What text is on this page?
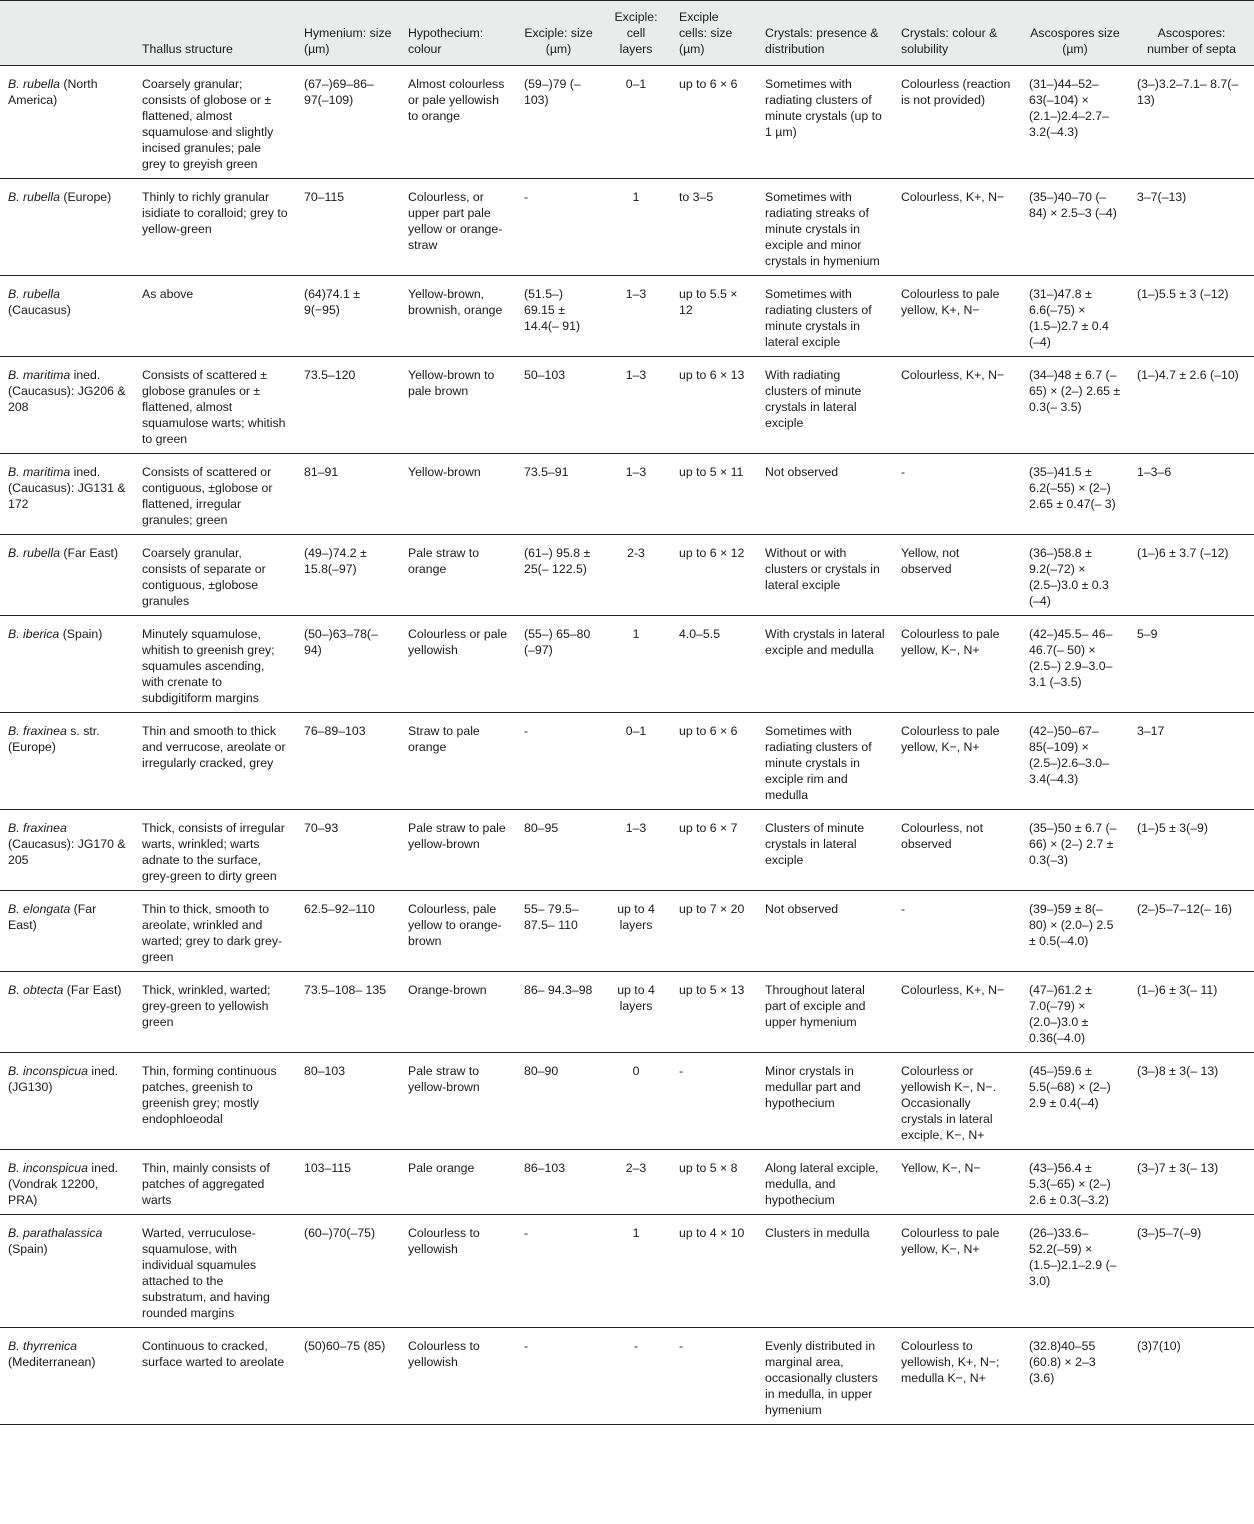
	Thallus structure	Hymenium: size (µm)	Hypothecium: colour	Exciple: size (µm)	Exciple: cell layers	Exciple cells: size (µm)	Crystals: presence & distribution	Crystals: colour & solubility	Ascospores size (µm)	Ascospores: number of septa
B. rubella (North America)	Coarsely granular; consists of globose or ± flattened, almost squamulose and slightly incised granules; pale grey to greyish green	(67–)69–86–97(–109)	Almost colourless or pale yellowish to orange	(59–)79 (–103)	0–1	up to 6 × 6	Sometimes with radiating clusters of minute crystals (up to 1 µm)	Colourless (reaction is not provided)	(31–)44–52–63(–104) × (2.1–)2.4–2.7–3.2(–4.3)	(3–)3.2–7.1– 8.7(–13)
B. rubella (Europe)	Thinly to richly granular isidiate to coralloid; grey to yellow-green	70–115	Colourless, or upper part pale yellow or orange-straw	-	1	to 3–5	Sometimes with radiating streaks of minute crystals in exciple and minor crystals in hymenium	Colourless, K+, N−	(35–)40–70 (–84) × 2.5–3 (–4)	3–7(–13)
B. rubella (Caucasus)	As above	(64)74.1 ± 9(−95)	Yellow-brown, brownish, orange	(51.5–) 69.15 ± 14.4(– 91)	1–3	up to 5.5 × 12	Sometimes with radiating clusters of minute crystals in lateral exciple	Colourless to pale yellow, K+, N−	(31–)47.8 ± 6.6(–75) × (1.5–)2.7 ± 0.4 (–4)	(1–)5.5 ± 3 (–12)
B. maritima ined. (Caucasus): JG206 & 208	Consists of scattered ± globose granules or ± flattened, almost squamulose warts; whitish to green	73.5–120	Yellow-brown to pale brown	50–103	1–3	up to 6 × 13	With radiating clusters of minute crystals in lateral exciple	Colourless, K+, N−	(34–)48 ± 6.7 (–65) × (2–) 2.65 ± 0.3(– 3.5)	(1–)4.7 ± 2.6 (–10)
B. maritima ined. (Caucasus): JG131 & 172	Consists of scattered or contiguous, ±globose or flattened, irregular granules; green	81–91	Yellow-brown	73.5–91	1–3	up to 5 × 11	Not observed	-	(35–)41.5 ± 6.2(–55) × (2–) 2.65 ± 0.47(– 3)	1–3–6
B. rubella (Far East)	Coarsely granular, consists of separate or contiguous, ±globose granules	(49–)74.2 ± 15.8(–97)	Pale straw to orange	(61–) 95.8 ± 25(– 122.5)	2-3	up to 6 × 12	Without or with clusters or crystals in lateral exciple	Yellow, not observed	(36–)58.8 ± 9.2(–72) × (2.5–)3.0 ± 0.3 (–4)	(1–)6 ± 3.7 (–12)
B. iberica (Spain)	Minutely squamulose, whitish to greenish grey; squamules ascending, with crenate to subdigitiform margins	(50–)63–78(– 94)	Colourless or pale yellowish	(55–) 65–80 (–97)	1	4.0–5.5	With crystals in lateral exciple and medulla	Colourless to pale yellow, K−, N+	(42–)45.5– 46–46.7(– 50) × (2.5–) 2.9–3.0–3.1 (–3.5)	5–9
B. fraxinea s. str. (Europe)	Thin and smooth to thick and verrucose, areolate or irregularly cracked, grey	76–89–103	Straw to pale orange	-	0–1	up to 6 × 6	Sometimes with radiating clusters of minute crystals in exciple rim and medulla	Colourless to pale yellow, K−, N+	(42–)50–67– 85(–109) × (2.5–)2.6–3.0– 3.4(–4.3)	3–17
B. fraxinea (Caucasus): JG170 & 205	Thick, consists of irregular warts, wrinkled; warts adnate to the surface, grey-green to dirty green	70–93	Pale straw to pale yellow-brown	80–95	1–3	up to 6 × 7	Clusters of minute crystals in lateral exciple	Colourless, not observed	(35–)50 ± 6.7 (–66) × (2–) 2.7 ± 0.3(–3)	(1–)5 ± 3(–9)
B. elongata (Far East)	Thin to thick, smooth to areolate, wrinkled and warted; grey to dark grey-green	62.5–92–110	Colourless, pale yellow to orange-brown	55– 79.5– 87.5– 110	up to 4 layers	up to 7 × 20	Not observed	-	(39–)59 ± 8(– 80) × (2.0–) 2.5 ± 0.5(–4.0)	(2–)5–7–12(– 16)
B. obtecta (Far East)	Thick, wrinkled, warted; grey-green to yellowish green	73.5–108– 135	Orange-brown	86– 94.3–98	up to 4 layers	up to 5 × 13	Throughout lateral part of exciple and upper hymenium	Colourless, K+, N−	(47–)61.2 ± 7.0(–79) × (2.0–)3.0 ± 0.36(–4.0)	(1–)6 ± 3(– 11)
B. inconspicua ined. (JG130)	Thin, forming continuous patches, greenish to greenish grey; mostly endophloeodal	80–103	Pale straw to yellow-brown	80–90	0	-	Minor crystals in medullar part and hypothecium	Colourless or yellowish K−, N−. Occasionally crystals in lateral exciple, K−, N+	(45–)59.6 ± 5.5(–68) × (2–) 2.9 ± 0.4(–4)	(3–)8 ± 3(– 13)
B. inconspicua ined. (Vondrak 12200, PRA)	Thin, mainly consists of patches of aggregated warts	103–115	Pale orange	86–103	2–3	up to 5 × 8	Along lateral exciple, medulla, and hypothecium	Yellow, K−, N−	(43–)56.4 ± 5.3(–65) × (2–) 2.6 ± 0.3(–3.2)	(3–)7 ± 3(– 13)
B. parathalassica (Spain)	Warted, verruculose-squamulose, with individual squamules attached to the substratum, and having rounded margins	(60–)70(–75)	Colourless to yellowish	-	1	up to 4 × 10	Clusters in medulla	Colourless to pale yellow, K−, N+	(26–)33.6– 52.2(–59) × (1.5–)2.1–2.9 (–3.0)	(3–)5–7(–9)
B. thyrrenica (Mediterranean)	Continuous to cracked, surface warted to areolate	(50)60–75 (85)	Colourless to yellowish	-	-	-	Evenly distributed in marginal area, occasionally clusters in medulla, in upper hymenium	Colourless to yellowish, K+, N−; medulla K−, N+	(32.8)40–55 (60.8) × 2–3 (3.6)	(3)7(10)
